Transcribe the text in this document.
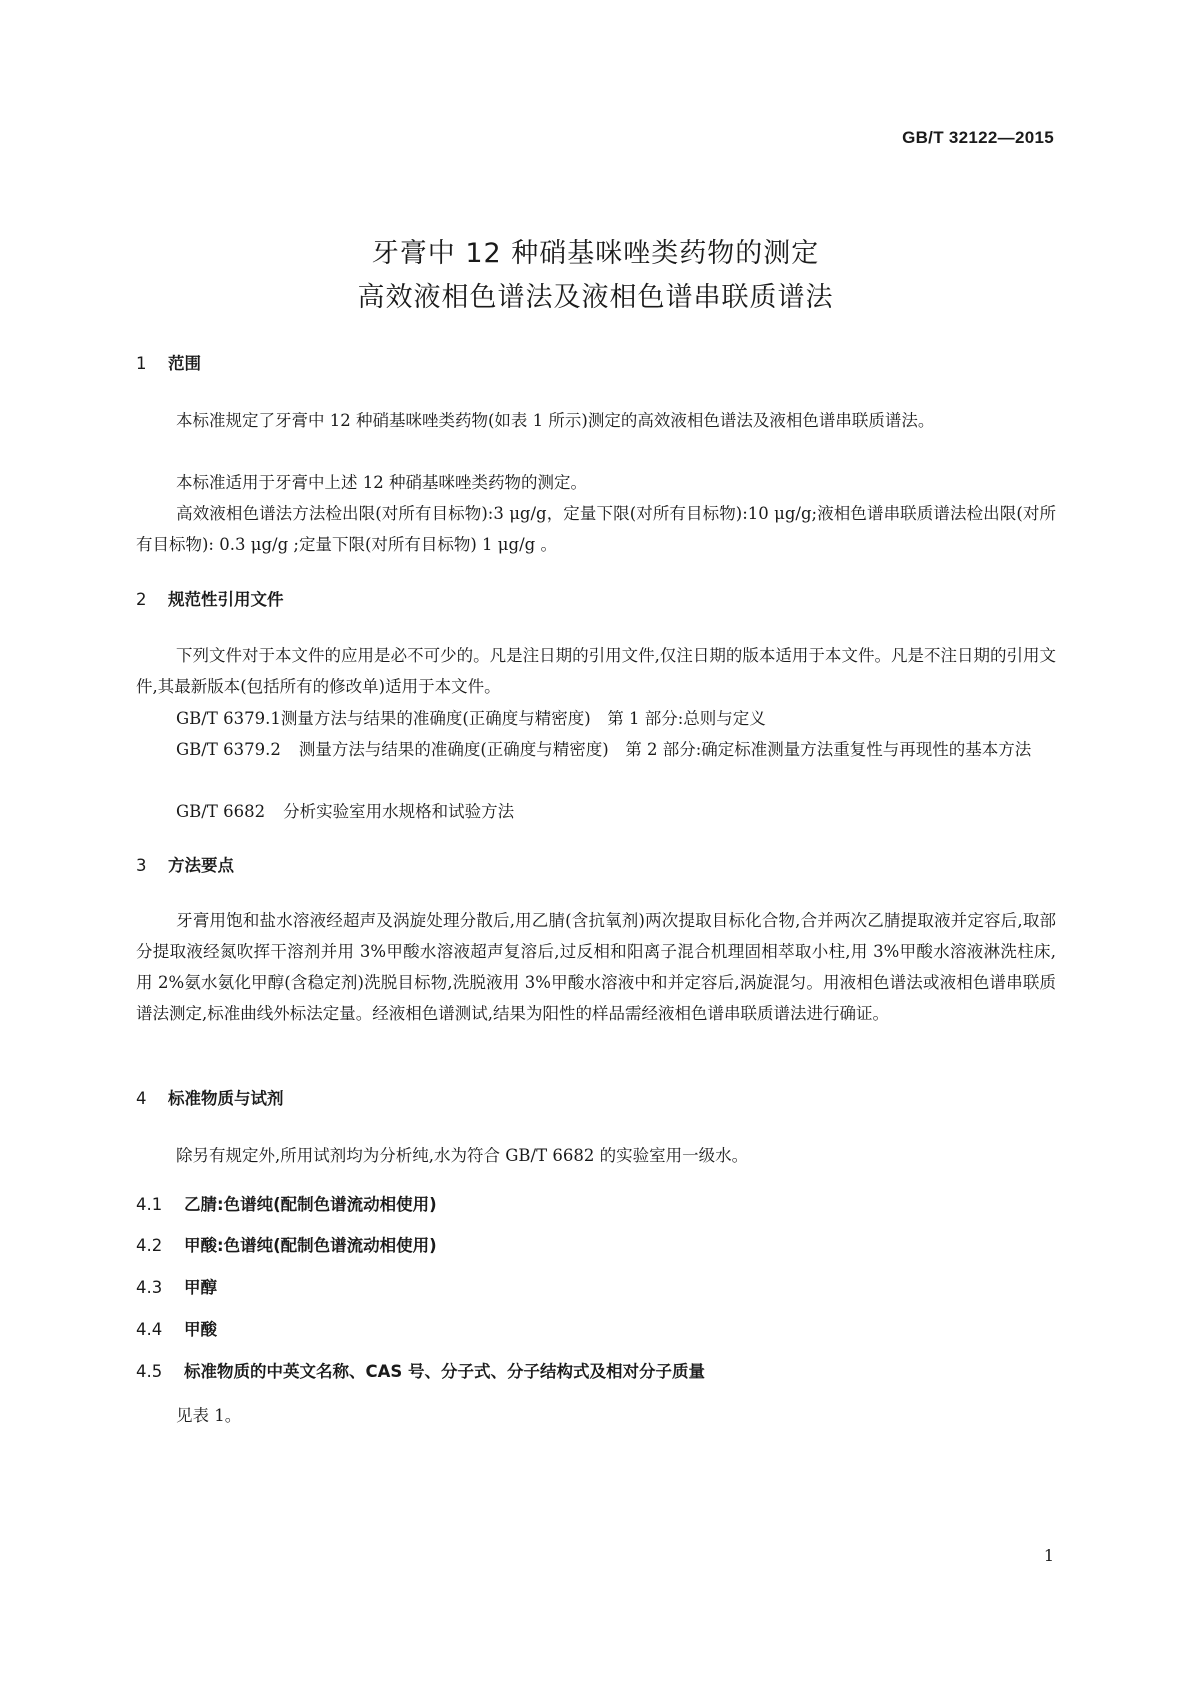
GB/T 32122—2015
牙膏中 12 种硝基咪唑类药物的测定
高效液相色谱法及液相色谱串联质谱法
1 范围
本标准规定了牙膏中 12 种硝基咪唑类药物(如表 1 所示)测定的高效液相色谱法及液相色谱串联质谱法。
本标准适用于牙膏中上述 12 种硝基咪唑类药物的测定。
高效液相色谱法方法检出限(对所有目标物):3 μg/g，定量下限(对所有目标物):10 μg/g;液相色谱串联质谱法检出限(对所有目标物): 0.3 μg/g ;定量下限(对所有目标物) 1 μg/g 。
2 规范性引用文件
下列文件对于本文件的应用是必不可少的。凡是注日期的引用文件,仅注日期的版本适用于本文件。凡是不注日期的引用文件,其最新版本(包括所有的修改单)适用于本文件。
GB/T 6379.1测量方法与结果的准确度(正确度与精密度)　第 1 部分:总则与定义
GB/T 6379.2 测量方法与结果的准确度(正确度与精密度)　第 2 部分:确定标准测量方法重复性与再现性的基本方法
GB/T 6682 分析实验室用水规格和试验方法
3 方法要点
牙膏用饱和盐水溶液经超声及涡旋处理分散后,用乙腈(含抗氧剂)两次提取目标化合物,合并两次乙腈提取液并定容后,取部分提取液经氮吹挥干溶剂并用 3%甲酸水溶液超声复溶后,过反相和阳离子混合机理固相萃取小柱,用 3%甲酸水溶液淋洗柱床,用 2%氨水氨化甲醇(含稳定剂)洗脱目标物,洗脱液用 3%甲酸水溶液中和并定容后,涡旋混匀。用液相色谱法或液相色谱串联质谱法测定,标准曲线外标法定量。经液相色谱测试,结果为阳性的样品需经液相色谱串联质谱法进行确证。
4 标准物质与试剂
除另有规定外,所用试剂均为分析纯,水为符合 GB/T 6682 的实验室用一级水。
4.1 乙腈:色谱纯(配制色谱流动相使用)
4.2 甲酸:色谱纯(配制色谱流动相使用)
4.3 甲醇
4.4 甲酸
4.5 标准物质的中英文名称、CAS 号、分子式、分子结构式及相对分子质量
见表 1。
1
